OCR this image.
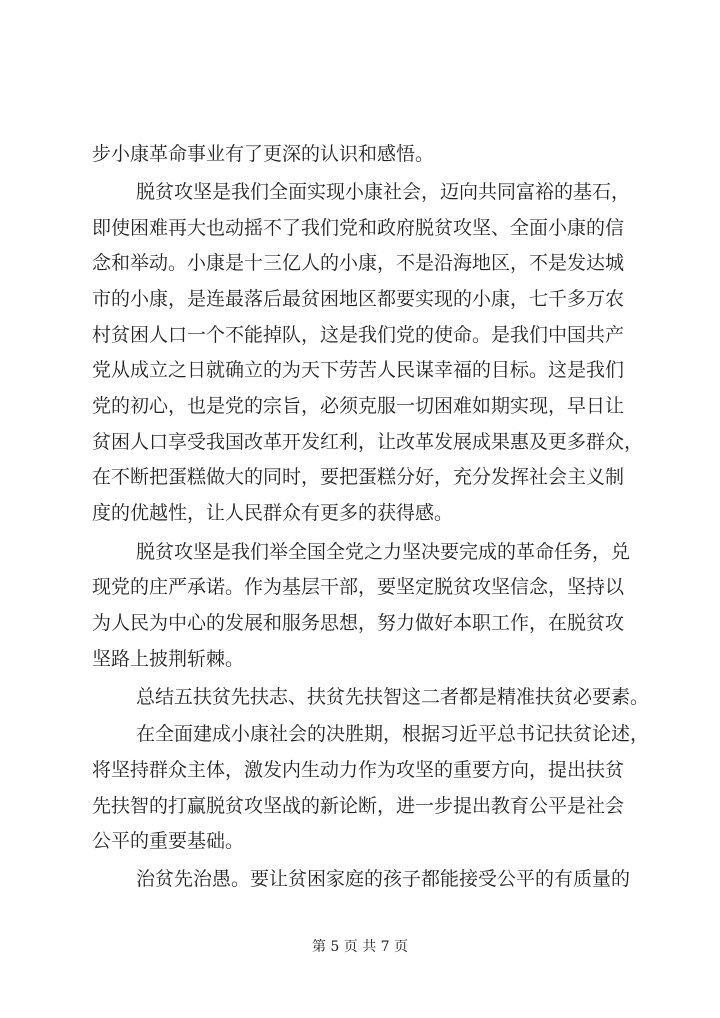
步小康革命事业有了更深的认识和感悟。
脱贫攻坚是我们全面实现小康社会，迈向共同富裕的基石，
即使困难再大也动摇不了我们党和政府脱贫攻坚、全面小康的信
念和举动。小康是十三亿人的小康，不是沿海地区，不是发达城
市的小康，是连最落后最贫困地区都要实现的小康，七千多万农
村贫困人口一个不能掉队，这是我们党的使命。是我们中国共产
党从成立之日就确立的为天下劳苦人民谋幸福的目标。这是我们
党的初心，也是党的宗旨，必须克服一切困难如期实现，早日让
贫困人口享受我国改革开发红利，让改革发展成果惠及更多群众，
在不断把蛋糕做大的同时，要把蛋糕分好，充分发挥社会主义制
度的优越性，让人民群众有更多的获得感。
脱贫攻坚是我们举全国全党之力坚决要完成的革命任务，兑
现党的庄严承诺。作为基层干部，要坚定脱贫攻坚信念，坚持以
为人民为中心的发展和服务思想，努力做好本职工作，在脱贫攻
坚路上披荆斩棘。
总结五扶贫先扶志、扶贫先扶智这二者都是精准扶贫必要素。
在全面建成小康社会的决胜期，根据习近平总书记扶贫论述，
将坚持群众主体，激发内生动力作为攻坚的重要方向，提出扶贫
先扶智的打赢脱贫攻坚战的新论断，进一步提出教育公平是社会
公平的重要基础。
治贫先治愚。要让贫困家庭的孩子都能接受公平的有质量的
第 5 页 共 7 页
